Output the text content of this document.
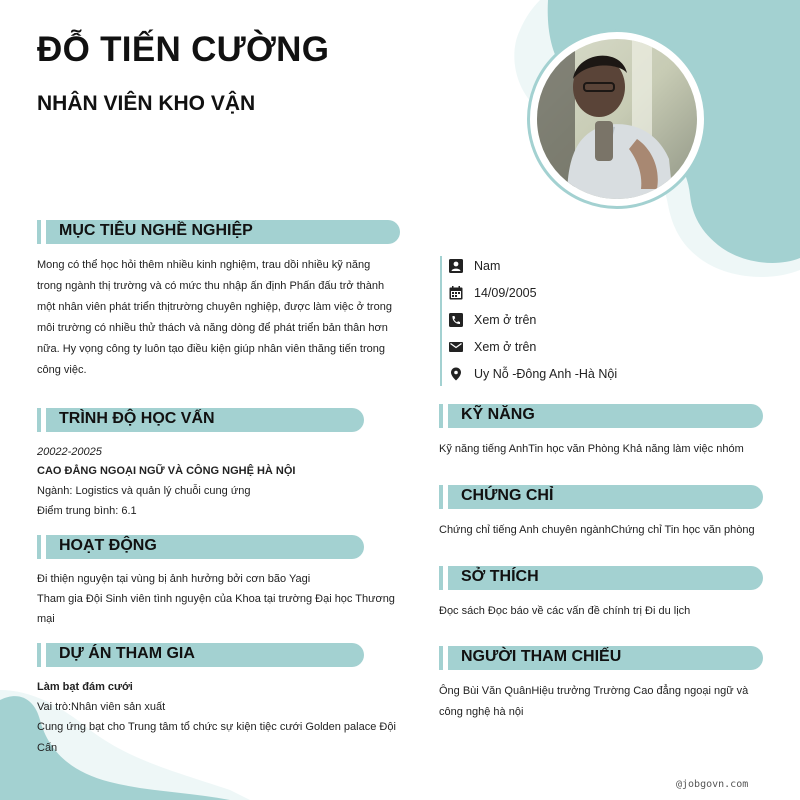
ĐỖ TIẾN CƯỜNG
NHÂN VIÊN KHO VẬN
MỤC TIÊU NGHỀ NGHIỆP
Mong có thể học hỏi thêm nhiều kinh nghiệm, trau dồi nhiều kỹ năng
trong ngành thị trường và có mức thu nhập ấn định Phấn đấu trở thành
một nhân viên phát triển thịtrường chuyên nghiệp, được làm việc ở trong
môi trường có nhiều thử thách và năng dòng để phát triển bản thân hơn
nữa. Hy vọng công ty luôn tạo điều kiện giúp nhân viên thăng tiến trong
công việc.
TRÌNH ĐỘ HỌC VẤN
20022-20025
CAO ĐẲNG NGOẠI NGỮ VÀ CÔNG NGHỆ HÀ NỘI
Ngành: Logistics và quản lý chuỗi cung ứng
Điểm trung bình: 6.1
HOẠT ĐỘNG
Đi thiện nguyện tại vùng bị ảnh hưởng bởi cơn bão Yagi
Tham gia Đội Sinh viên tình nguyện của Khoa tại trường Đại học Thương
mại
DỰ ÁN THAM GIA
Làm bạt đám cưới
Vai trò:Nhân viên sản xuất
Cung ứng bạt cho Trung tâm tổ chức sự kiện tiệc cưới Golden palace Đội
Cấn
Nam
14/09/2005
Xem ở trên
Xem ở trên
Uy Nỗ -Đông Anh -Hà Nội
KỸ NĂNG
Kỹ năng tiếng AnhTin học văn Phòng Khả năng làm việc nhóm
CHỨNG CHỈ
Chứng chỉ tiếng Anh chuyên ngànhChứng chỉ Tin học văn phòng
SỞ THÍCH
Đọc sách Đọc báo về các vấn đề chính trị Đi du lịch
NGƯỜI THAM CHIẾU
Ông Bùi Văn QuânHiệu trưởng Trường Cao đẳng ngoại ngữ và
công nghệ hà nội
@jobgovn.com
